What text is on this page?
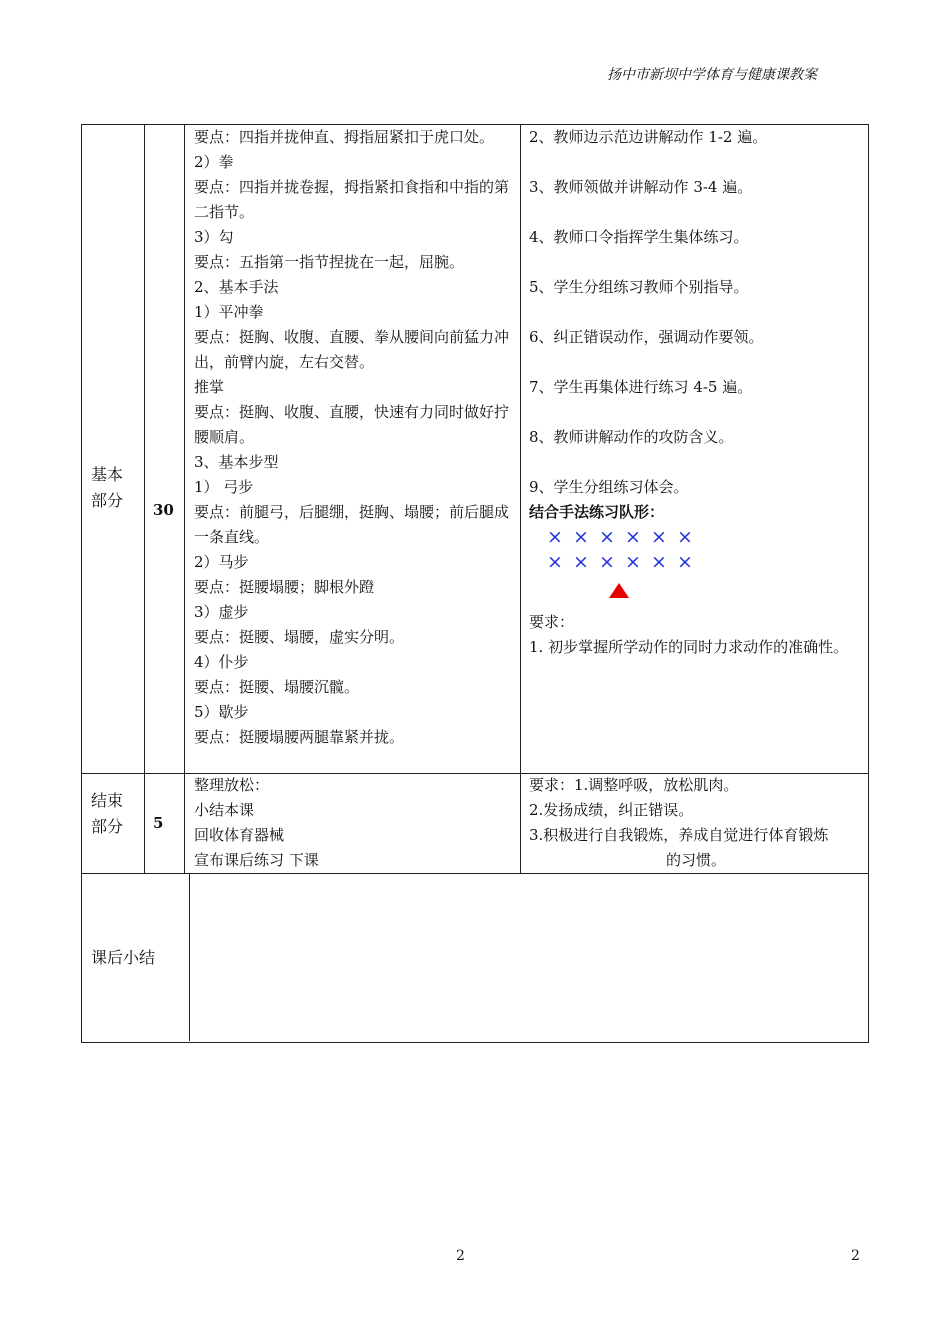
扬中市新坝中学体育与健康课教案
基本
部分 30
要点：四指并拢伸直、拇指屈紧扣于虎口处。
2）拳
要点：四指并拢卷握，拇指紧扣食指和中指的第二指节。
3）勾
要点：五指第一指节捏拢在一起，屈腕。
2、基本手法
1）平冲拳
要点：挺胸、收腹、直腰、拳从腰间向前猛力冲出，前臂内旋，左右交替。
推掌
要点：挺胸、收腹、直腰，快速有力同时做好拧腰顺肩。
3、基本步型
1） 弓步
要点：前腿弓，后腿绷，挺胸、塌腰；前后腿成一条直线。
2）马步
要点：挺腰塌腰；脚根外蹬
3）虚步
要点：挺腰、塌腰，虚实分明。
4）仆步
要点：挺腰、塌腰沉髋。
5）歇步
要点：挺腰塌腰两腿靠紧并拢。
2、教师边示范边讲解动作 1-2 遍。
3、教师领做并讲解动作 3-4 遍。
4、教师口令指挥学生集体练习。
5、学生分组练习教师个别指导。
6、纠正错误动作，强调动作要领。
7、学生再集体进行练习 4-5 遍。
8、教师讲解动作的攻防含义。
9、学生分组练习体会。
结合手法练习队形：
× × × × × ×
× × × × × ×
要求：
1. 初步掌握所学动作的同时力求动作的准确性。
结束
部分 5
整理放松：
小结本课
回收体育器械
宣布课后练习 下课
要求：1.调整呼吸，放松肌肉。
2.发扬成绩，纠正错误。
3.积极进行自我锻炼，养成自觉进行体育锻炼
的习惯。
课后小结
2	2
